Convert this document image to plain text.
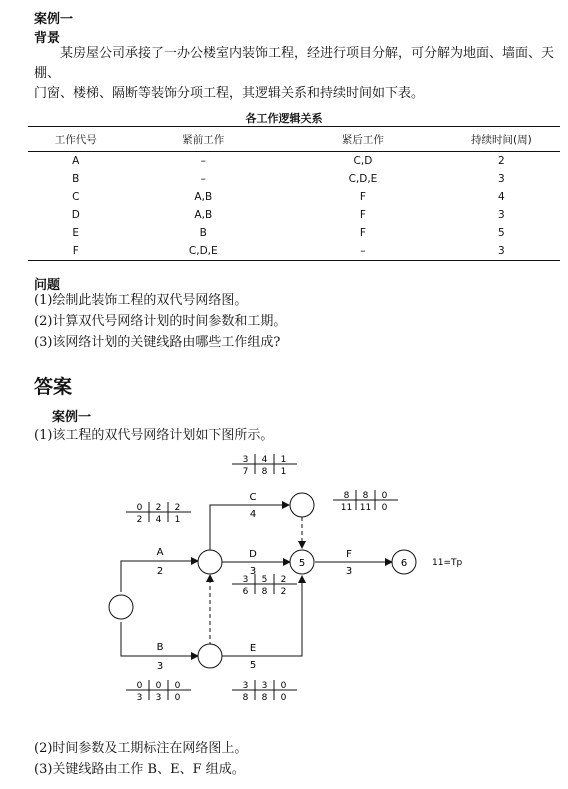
案例一
背景
某房屋公司承接了一办公楼室内装饰工程，经进行项目分解，可分解为地面、墙面、天棚、
门窗、楼梯、隔断等装饰分项工程，其逻辑关系和持续时间如下表。
各工作逻辑关系
工作代号	紧前工作	紧后工作	持续时间(周)
A	–	C,D	2
B	–	C,D,E	3
C	A,B	F	4
D	A,B	F	3
E	B	F	5
F	C,D,E	–	3
问题
(1)绘制此装饰工程的双代号网络图。
(2)计算双代号网络计划的时间参数和工期。
(3)该网络计划的关键线路由哪些工作组成?
答案
案例一
(1)该工程的双代号网络计划如下图所示。
5	6
A
2
B
3
C
4
D
3
E
5
F
3
11=Tp
0
2
2
4
2
1
0
3
0
3
0
0
3
7
4
8
1
1
3
6
5
8
2
2
3
8
3
8
0
0
8
11
8
11
0
0
(2)时间参数及工期标注在网络图上。
(3)关键线路由工作 B、E、F 组成。
